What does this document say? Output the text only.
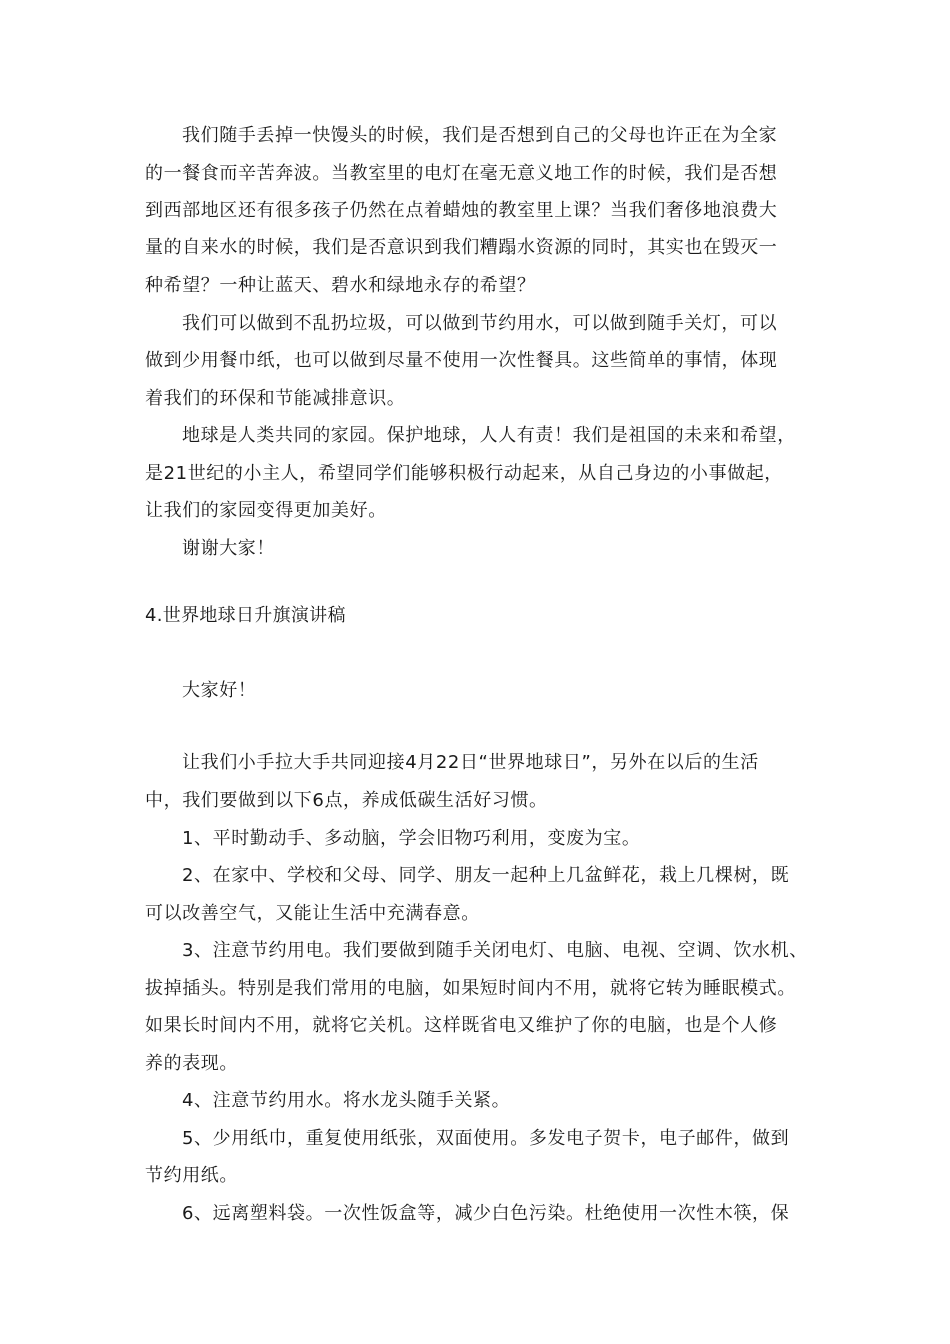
我们随手丢掉一快馒头的时候，我们是否想到自己的父母也许正在为全家
的一餐食而辛苦奔波。当教室里的电灯在毫无意义地工作的时候，我们是否想
到西部地区还有很多孩子仍然在点着蜡烛的教室里上课？当我们奢侈地浪费大
量的自来水的时候，我们是否意识到我们糟蹋水资源的同时，其实也在毁灭一
种希望？一种让蓝天、碧水和绿地永存的希望？
我们可以做到不乱扔垃圾，可以做到节约用水，可以做到随手关灯，可以
做到少用餐巾纸，也可以做到尽量不使用一次性餐具。这些简单的事情，体现
着我们的环保和节能减排意识。
地球是人类共同的家园。保护地球，人人有责！我们是祖国的未来和希望，
是21世纪的小主人，希望同学们能够积极行动起来，从自己身边的小事做起，
让我们的家园变得更加美好。
谢谢大家！
4.世界地球日升旗演讲稿
大家好！
让我们小手拉大手共同迎接4月22日“世界地球日”，另外在以后的生活
中，我们要做到以下6点，养成低碳生活好习惯。
1、平时勤动手、多动脑，学会旧物巧利用，变废为宝。
2、在家中、学校和父母、同学、朋友一起种上几盆鲜花，栽上几棵树，既
可以改善空气，又能让生活中充满春意。
3、注意节约用电。我们要做到随手关闭电灯、电脑、电视、空调、饮水机、
拔掉插头。特别是我们常用的电脑，如果短时间内不用，就将它转为睡眠模式。
如果长时间内不用，就将它关机。这样既省电又维护了你的电脑，也是个人修
养的表现。
4、注意节约用水。将水龙头随手关紧。
5、少用纸巾，重复使用纸张，双面使用。多发电子贺卡，电子邮件，做到
节约用纸。
6、远离塑料袋。一次性饭盒等，减少白色污染。杜绝使用一次性木筷，保
